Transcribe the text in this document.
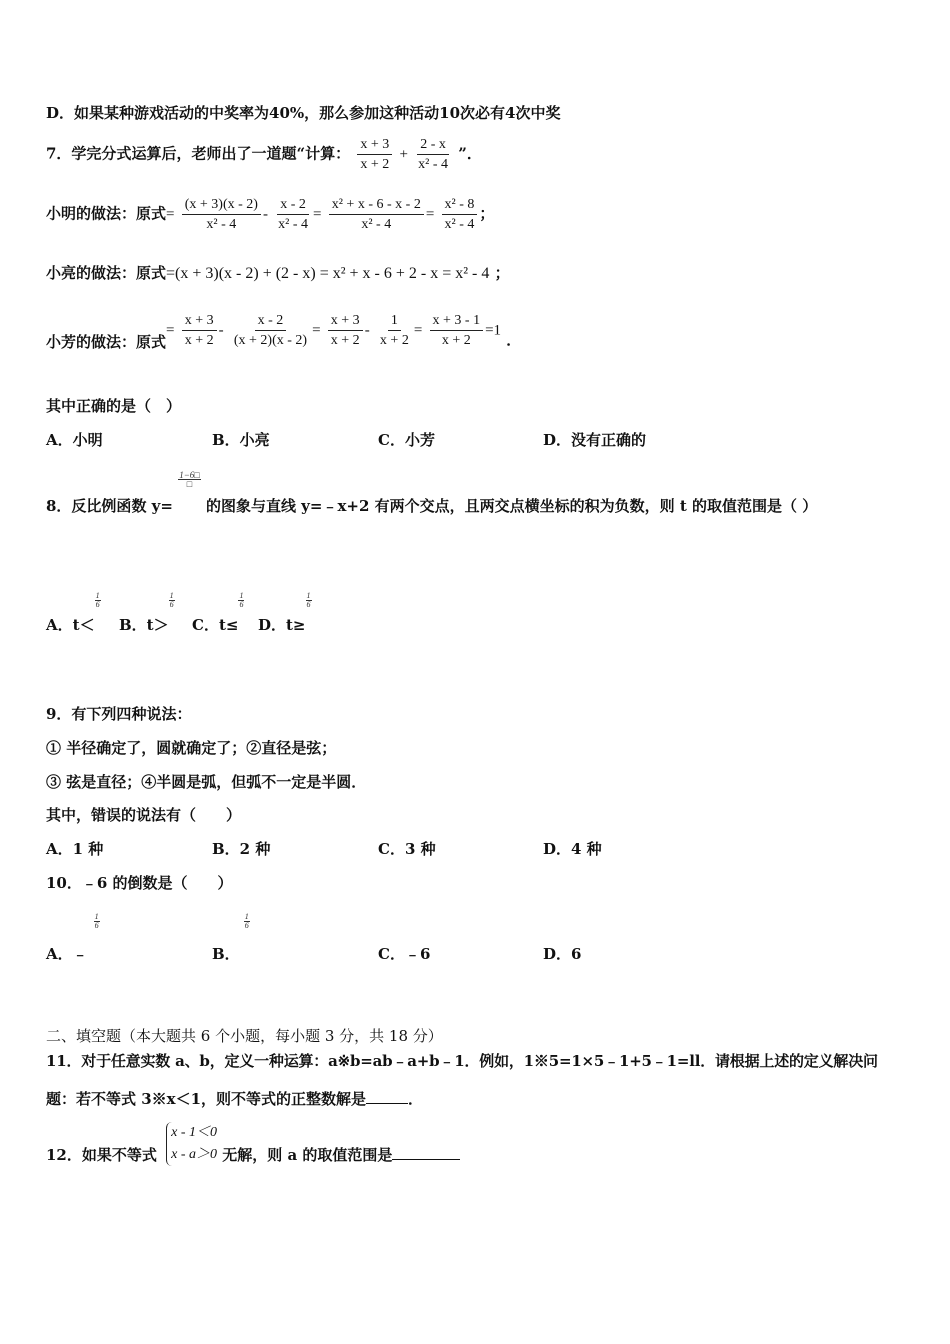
D．如果某种游戏活动的中奖率为40%，那么参加这种活动10次必有4次中奖
7．学完分式运算后，老师出了一道题“计算： $\frac{x + 3}{x + 2} + \frac{2 - x}{\text{x² - 4}}$ ”．
小明的做法：原式= $\frac{(x + 3)(x - 2)}{\text{x² - 4}} - \frac{x - 2}{\text{x² - 4}} = \frac{\text{x² + x - 6 - x - 2}}{\text{x² - 4}} = \frac{\text{x² - 8}}{\text{x² - 4}}$ ；
小亮的做法：原式=(x + 3)(x - 2) + (2 - x) = x² + x - 6 + 2 - x = x² - 4 ；
小芳的做法：原式= $\frac{x + 3}{x + 2} - \frac{x - 2}{(x + 2)(x - 2)} = \frac{x + 3}{x + 2} - \frac{1}{x + 2} = \frac{x + 3 - 1}{x + 2} =1$ ．
其中正确的是（　）
A．小明	B．小亮	C．小芳	D．没有正确的
8．反比例函数 y=
1−6□
□
的图象与直线 y=﹣x+2 有两个交点，且两交点横坐标的积为负数，则 t 的取值范围是（ ）
A．t＜
$\frac{1}{6}$
B．t＞
$\frac{1}{6}$
C．t≤
$\frac{1}{6}$
D．t≥
$\frac{1}{6}$
9．有下列四种说法：
① 半径确定了，圆就确定了；②直径是弦；
③ 弦是直径；④半圆是弧，但弧不一定是半圆．
其中，错误的说法有（　　）
A．1 种	B．2 种	C．3 种	D．4 种
10．﹣6 的倒数是（　　）
A．﹣
$\frac{1}{6}$
B．
$\frac{1}{6}$
C．﹣6	D．6
二、填空题（本大题共 6 个小题，每小题 3 分，共 18 分）
11．对于任意实数 a、b，定义一种运算：a※b=ab﹣a+b﹣1．例如，1※5=1×5﹣1+5﹣1=ll．请根据上述的定义解决问
题：若不等式 3※x＜1，则不等式的正整数解是	．
12．如果不等式
x - 1＜0
x - a＞0 无解，则 a 的取值范围是
